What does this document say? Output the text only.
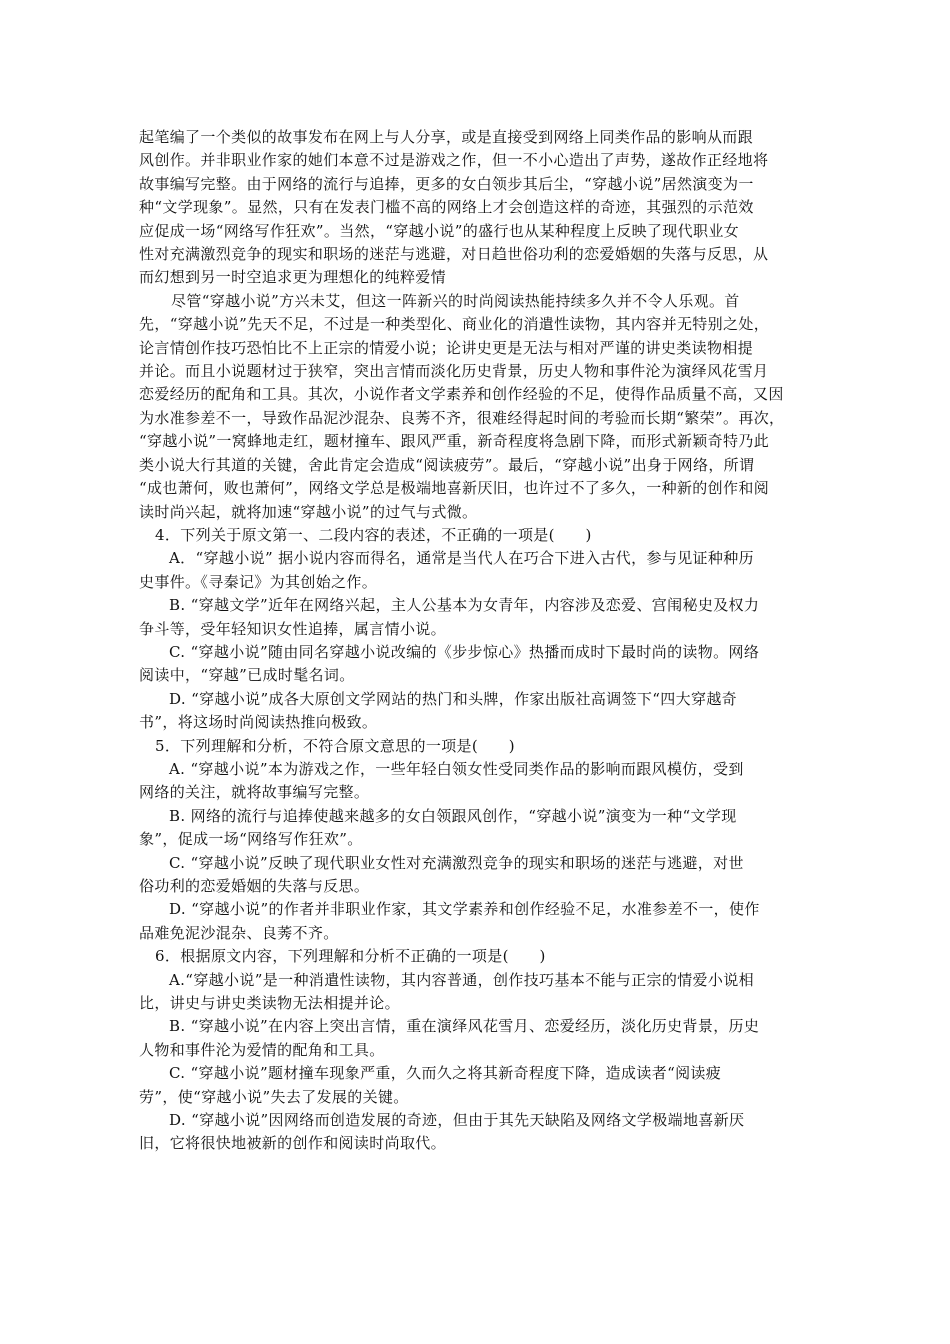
起笔编了一个类似的故事发布在网上与人分享，或是直接受到网络上同类作品的影响从而跟
风创作。并非职业作家的她们本意不过是游戏之作，但一不小心造出了声势，遂故作正经地将
故事编写完整。由于网络的流行与追捧，更多的女白领步其后尘，“穿越小说”居然演变为一
种“文学现象”。显然，只有在发表门槛不高的网络上才会创造这样的奇迹，其强烈的示范效
应促成一场“网络写作狂欢”。当然，“穿越小说”的盛行也从某种程度上反映了现代职业女
性对充满激烈竞争的现实和职场的迷茫与逃避，对日趋世俗功利的恋爱婚姻的失落与反思，从
而幻想到另一时空追求更为理想化的纯粹爱情
尽管“穿越小说”方兴未艾，但这一阵新兴的时尚阅读热能持续多久并不令人乐观。首
先，“穿越小说”先天不足，不过是一种类型化、商业化的消遣性读物，其内容并无特别之处，
论言情创作技巧恐怕比不上正宗的情爱小说；论讲史更是无法与相对严谨的讲史类读物相提
并论。而且小说题材过于狭窄，突出言情而淡化历史背景，历史人物和事件沦为演绎风花雪月
恋爱经历的配角和工具。其次，小说作者文学素养和创作经验的不足，使得作品质量不高，又因
为水准参差不一，导致作品泥沙混杂、良莠不齐，很难经得起时间的考验而长期“繁荣”。再次，
“穿越小说”一窝蜂地走红，题材撞车、跟风严重，新奇程度将急剧下降，而形式新颖奇特乃此
类小说大行其道的关键，舍此肯定会造成“阅读疲劳”。最后，“穿越小说”出身于网络，所谓
“成也萧何，败也萧何”，网络文学总是极端地喜新厌旧，也许过不了多久，一种新的创作和阅
读时尚兴起，就将加速“穿越小说”的过气与式微。
4．下列关于原文第一、二段内容的表述，不正确的一项是(　　)
A．“穿越小说” 据小说内容而得名，通常是当代人在巧合下进入古代，参与见证种种历
史事件。《寻秦记》为其创始之作。
B. “穿越文学”近年在网络兴起，主人公基本为女青年，内容涉及恋爱、宫闱秘史及权力
争斗等，受年轻知识女性追捧，属言情小说。
C. “穿越小说”随由同名穿越小说改编的《步步惊心》热播而成时下最时尚的读物。网络
阅读中，“穿越”已成时髦名词。
D. “穿越小说”成各大原创文学网站的热门和头牌，作家出版社高调签下“四大穿越奇
书”，将这场时尚阅读热推向极致。
5．下列理解和分析，不符合原文意思的一项是(　　)
A. “穿越小说”本为游戏之作，一些年轻白领女性受同类作品的影响而跟风模仿，受到
网络的关注，就将故事编写完整。
B. 网络的流行与追捧使越来越多的女白领跟风创作，“穿越小说”演变为一种“文学现
象”，促成一场“网络写作狂欢”。
C. “穿越小说”反映了现代职业女性对充满激烈竞争的现实和职场的迷茫与逃避，对世
俗功利的恋爱婚姻的失落与反思。
D. “穿越小说”的作者并非职业作家，其文学素养和创作经验不足，水准参差不一，使作
品难免泥沙混杂、良莠不齐。
6．根据原文内容，下列理解和分析不正确的一项是(　　)
A.“穿越小说”是一种消遣性读物，其内容普通，创作技巧基本不能与正宗的情爱小说相
比，讲史与讲史类读物无法相提并论。
B. “穿越小说”在内容上突出言情，重在演绎风花雪月、恋爱经历，淡化历史背景，历史
人物和事件沦为爱情的配角和工具。
C. “穿越小说”题材撞车现象严重，久而久之将其新奇程度下降，造成读者“阅读疲
劳”，使“穿越小说”失去了发展的关键。
D. “穿越小说”因网络而创造发展的奇迹，但由于其先天缺陷及网络文学极端地喜新厌
旧，它将很快地被新的创作和阅读时尚取代。
